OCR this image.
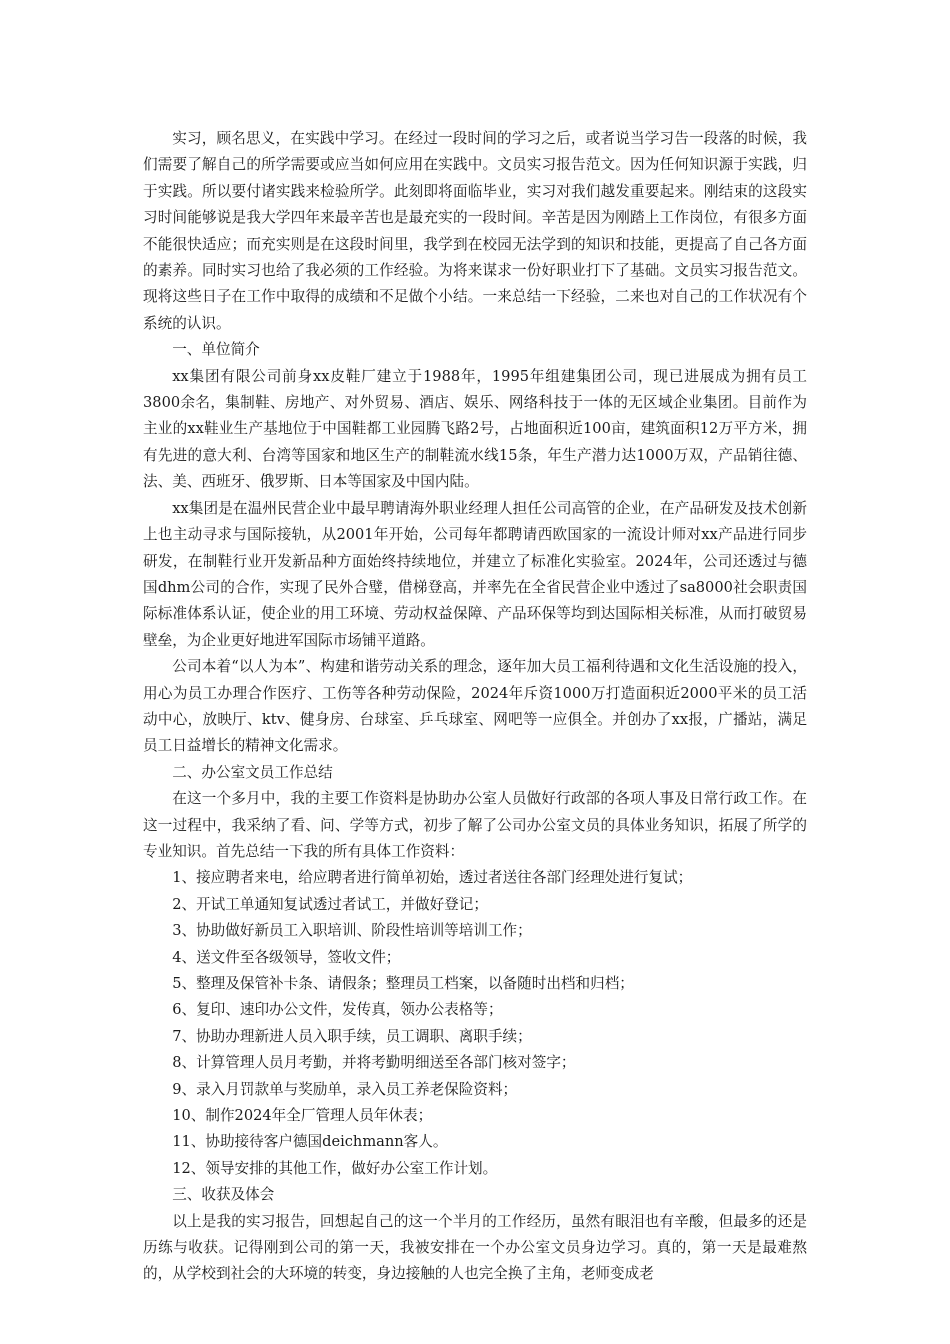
实习，顾名思义，在实践中学习。在经过一段时间的学习之后，或者说当学习告一段落的时候，我们需要了解自己的所学需要或应当如何应用在实践中。文员实习报告范文。因为任何知识源于实践，归于实践。所以要付诸实践来检验所学。此刻即将面临毕业，实习对我们越发重要起来。刚结束的这段实习时间能够说是我大学四年来最辛苦也是最充实的一段时间。辛苦是因为刚踏上工作岗位，有很多方面不能很快适应；而充实则是在这段时间里，我学到在校园无法学到的知识和技能，更提高了自己各方面的素养。同时实习也给了我必须的工作经验。为将来谋求一份好职业打下了基础。文员实习报告范文。现将这些日子在工作中取得的成绩和不足做个小结。一来总结一下经验，二来也对自己的工作状况有个系统的认识。

一、单位简介

xx集团有限公司前身xx皮鞋厂建立于1988年，1995年组建集团公司，现已进展成为拥有员工3800余名，集制鞋、房地产、对外贸易、酒店、娱乐、网络科技于一体的无区域企业集团。目前作为主业的xx鞋业生产基地位于中国鞋都工业园腾飞路2号，占地面积近100亩，建筑面积12万平方米，拥有先进的意大利、台湾等国家和地区生产的制鞋流水线15条，年生产潜力达1000万双，产品销往德、法、美、西班牙、俄罗斯、日本等国家及中国内陆。

xx集团是在温州民营企业中最早聘请海外职业经理人担任公司高管的企业，在产品研发及技术创新上也主动寻求与国际接轨，从2001年开始，公司每年都聘请西欧国家的一流设计师对xx产品进行同步研发，在制鞋行业开发新品种方面始终持续地位，并建立了标准化实验室。2024年，公司还透过与德国dhm公司的合作，实现了民外合璧，借梯登高，并率先在全省民营企业中透过了sa8000社会职责国际标准体系认证，使企业的用工环境、劳动权益保障、产品环保等均到达国际相关标准，从而打破贸易壁垒，为企业更好地进军国际市场铺平道路。

公司本着“以人为本”、构建和谐劳动关系的理念，逐年加大员工福利待遇和文化生活设施的投入，用心为员工办理合作医疗、工伤等各种劳动保险，2024年斥资1000万打造面积近2000平米的员工活动中心，放映厅、ktv、健身房、台球室、乒乓球室、网吧等一应俱全。并创办了xx报，广播站，满足员工日益增长的精神文化需求。

二、办公室文员工作总结

在这一个多月中，我的主要工作资料是协助办公室人员做好行政部的各项人事及日常行政工作。在这一过程中，我采纳了看、问、学等方式，初步了解了公司办公室文员的具体业务知识，拓展了所学的专业知识。首先总结一下我的所有具体工作资料：

1、接应聘者来电，给应聘者进行简单初始，透过者送往各部门经理处进行复试；
2、开试工单通知复试透过者试工，并做好登记；
3、协助做好新员工入职培训、阶段性培训等培训工作；
4、送文件至各级领导，签收文件；
5、整理及保管补卡条、请假条；整理员工档案，以备随时出档和归档；
6、复印、速印办公文件，发传真，领办公表格等；
7、协助办理新进人员入职手续，员工调职、离职手续；
8、计算管理人员月考勤，并将考勤明细送至各部门核对签字；
9、录入月罚款单与奖励单，录入员工养老保险资料；
10、制作2024年全厂管理人员年休表；
11、协助接待客户德国deichmann客人。
12、领导安排的其他工作，做好办公室工作计划。

三、收获及体会

以上是我的实习报告，回想起自己的这一个半月的工作经历，虽然有眼泪也有辛酸，但最多的还是历练与收获。记得刚到公司的第一天，我被安排在一个办公室文员身边学习。真的，第一天是最难熬的，从学校到社会的大环境的转变，身边接触的人也完全换了主角，老师变成老
